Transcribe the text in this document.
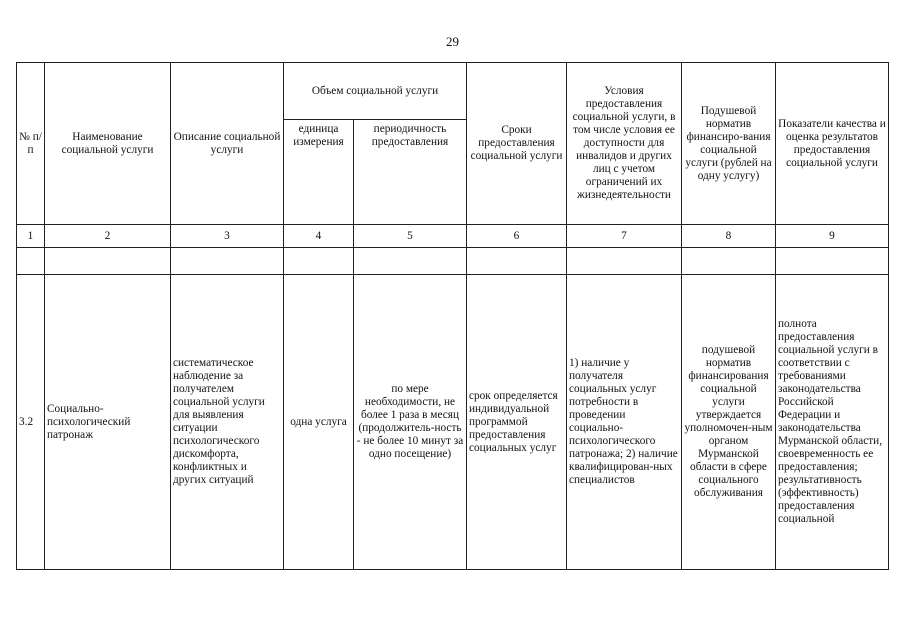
29
№ п/п	Наименование социальной услуги	Описание социальной услуги	Объем социальной услуги		Сроки предоставления социальной услуги	Условия предоставления социальной услуги, в том числе условия ее доступности для инвалидов и других лиц с учетом ограничений их жизнедеятельности	Подушевой норматив финансиро-вания социальной услуги (рублей на одну услугу)	Показатели качества и оценка результатов предоставления социальной услуги
			единица измерения	периодичность предоставления				
1	2	3	4	5	6	7	8	9

3.2	Социально-психологический патронаж	систематическое наблюдение за получателем социальной услуги для выявления ситуации психологического дискомфорта, конфликтных и других ситуаций	одна услуга	по мере необходимости, не более 1 раза в месяц (продолжитель-ность - не более 10 минут за одно посещение)	срок определяется индивидуальной программой предоставления социальных услуг	1) наличие у получателя социальных услуг потребности в проведении социально-психологического патронажа; 2) наличие квалифицирован-ных специалистов	подушевой норматив финансирования социальной услуги утверждается уполномочен-ным органом Мурманской области в сфере социального обслуживания	полнота предоставления социальной услуги в соответствии с требованиями законодательства Российской Федерации и законодательства Мурманской области, своевременность ее предоставления; результативность (эффективность) предоставления социальной
